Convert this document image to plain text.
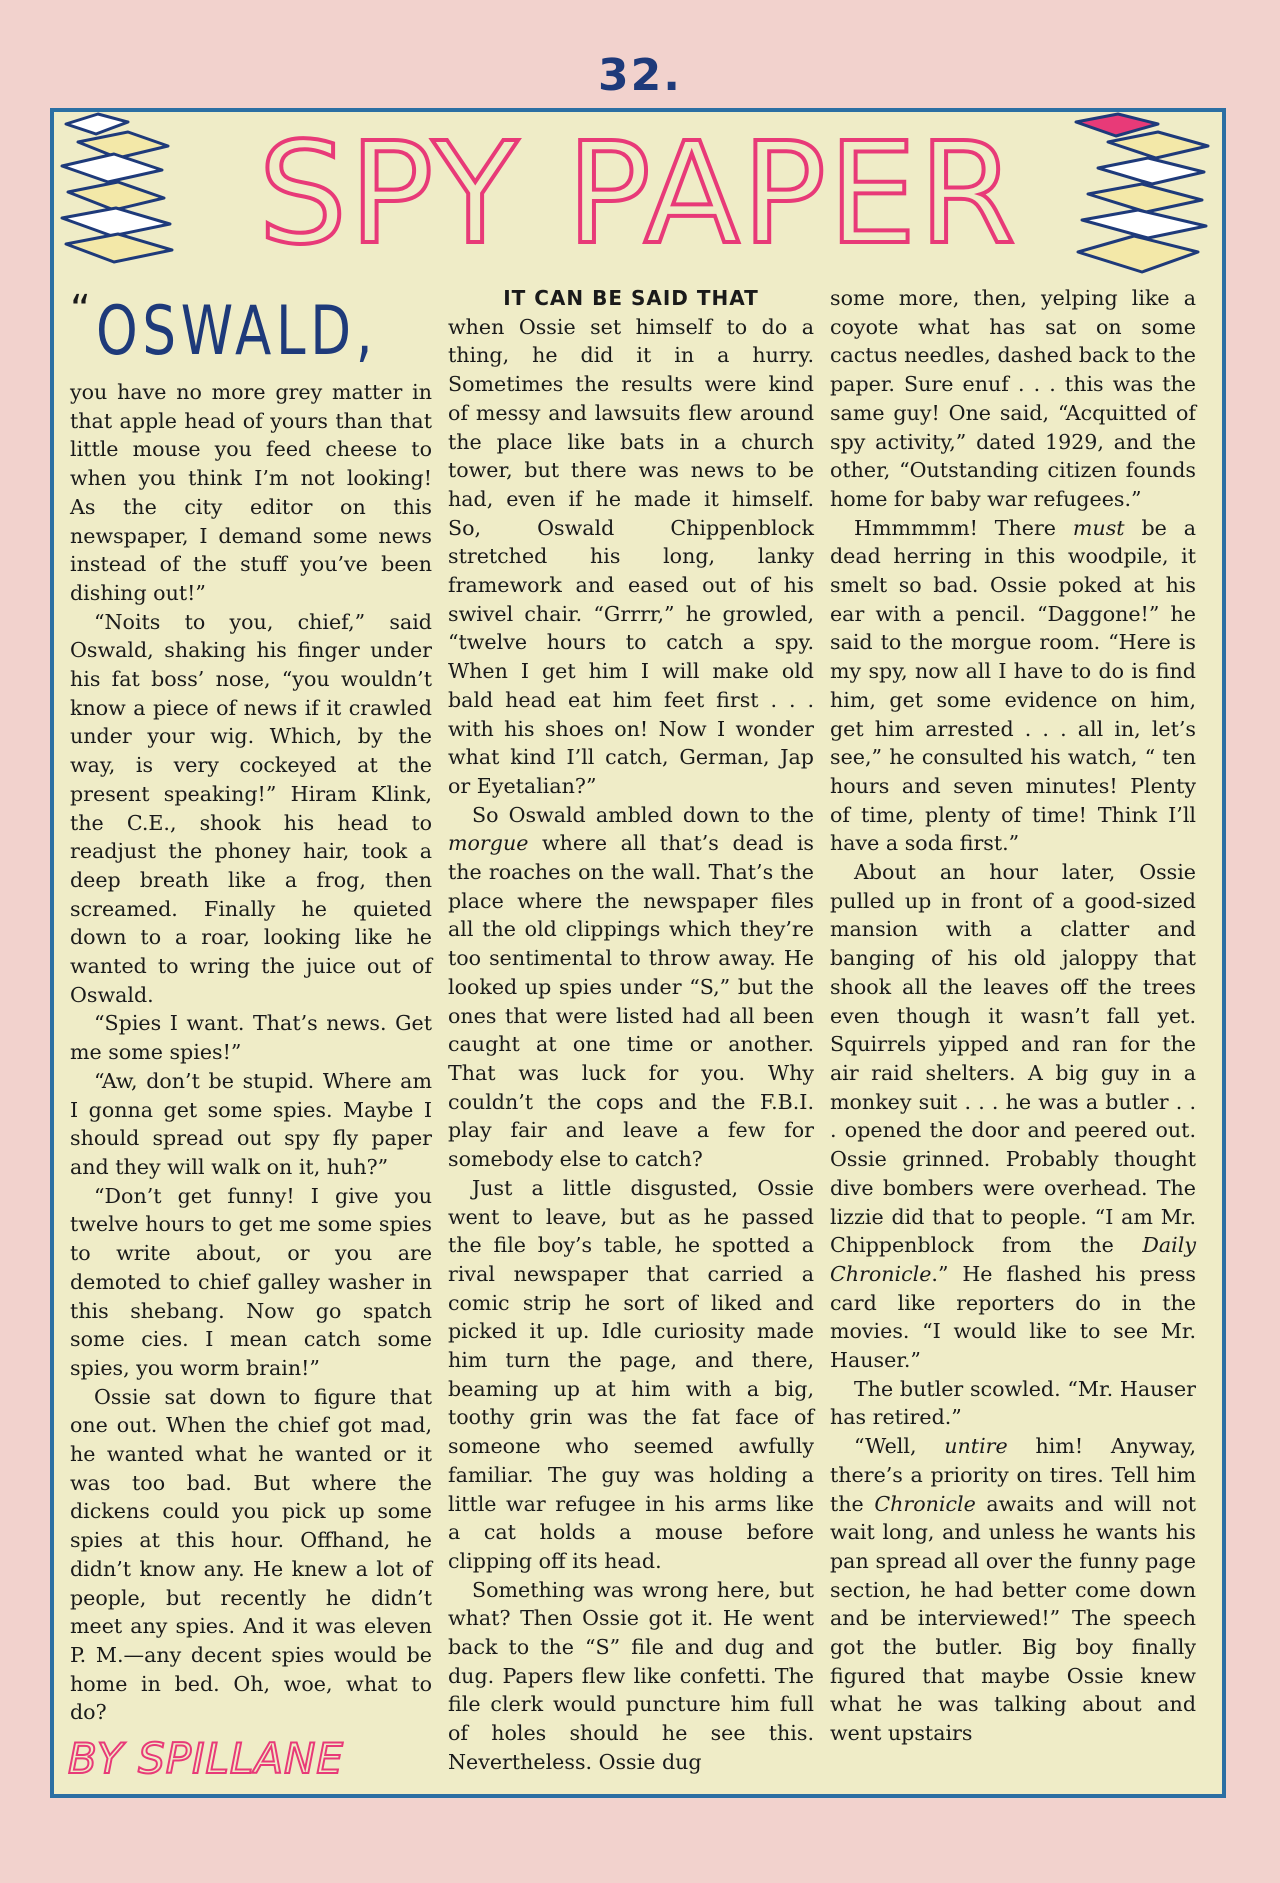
32.
SPY PAPER
“ OSWALD,

you have no more grey matter in that apple head of yours than that little mouse you feed cheese to when you think I’m not looking! As the city editor on this newspaper, I demand some news instead of the stuff you’ve been dishing out!”

“Noits to you, chief,” said Oswald, shaking his finger under his fat boss’ nose, “you wouldn’t know a piece of news if it crawled under your wig. Which, by the way, is very cockeyed at the present speaking!” Hiram Klink, the C.E., shook his head to readjust the phoney hair, took a deep breath like a frog, then screamed. Finally he quieted down to a roar, looking like he wanted to wring the juice out of Oswald.

“Spies I want. That’s news. Get me some spies!”

“Aw, don’t be stupid. Where am I gonna get some spies. Maybe I should spread out spy fly paper and they will walk on it, huh?”

“Don’t get funny! I give you twelve hours to get me some spies to write about, or you are demoted to chief galley washer in this shebang. Now go spatch some cies. I mean catch some spies, you worm brain!”

Ossie sat down to figure that one out. When the chief got mad, he wanted what he wanted or it was too bad. But where the dickens could you pick up some spies at this hour. Offhand, he didn’t know any. He knew a lot of people, but recently he didn’t meet any spies. And it was eleven P. M.—any decent spies would be home in bed. Oh, woe, what to do?

IT CAN BE SAID THAT
when Ossie set himself to do a thing, he did it in a hurry. Sometimes the results were kind of messy and lawsuits flew around the place like bats in a church tower, but there was news to be had, even if he made it himself. So, Oswald Chippenblock stretched his long, lanky framework and eased out of his swivel chair. “Grrrr,” he growled, “twelve hours to catch a spy. When I get him I will make old bald head eat him feet first . . . with his shoes on! Now I wonder what kind I’ll catch, German, Jap or Eyetalian?”

So Oswald ambled down to the morgue where all that’s dead is the roaches on the wall. That’s the place where the newspaper files all the old clippings which they’re too sentimental to throw away. He looked up spies under “S,” but the ones that were listed had all been caught at one time or another. That was luck for you. Why couldn’t the cops and the F.B.I. play fair and leave a few for somebody else to catch?

Just a little disgusted, Ossie went to leave, but as he passed the file boy’s table, he spotted a rival newspaper that carried a comic strip he sort of liked and picked it up. Idle curiosity made him turn the page, and there, beaming up at him with a big, toothy grin was the fat face of someone who seemed awfully familiar. The guy was holding a little war refugee in his arms like a cat holds a mouse before clipping off its head.

Something was wrong here, but what? Then Ossie got it. He went back to the “S” file and dug and dug. Papers flew like confetti. The file clerk would puncture him full of holes should he see this. Nevertheless. Ossie dug

some more, then, yelping like a coyote what has sat on some cactus needles, dashed back to the paper. Sure enuf . . . this was the same guy! One said, “Acquitted of spy activity,” dated 1929, and the other, “Outstanding citizen founds home for baby war refugees.”

Hmmmmm! There must be a dead herring in this woodpile, it smelt so bad. Ossie poked at his ear with a pencil. “Daggone!” he said to the morgue room. “Here is my spy, now all I have to do is find him, get some evidence on him, get him arrested . . . all in, let’s see,” he consulted his watch, “ ten hours and seven minutes! Plenty of time, plenty of time! Think I’ll have a soda first.”

About an hour later, Ossie pulled up in front of a good-sized mansion with a clatter and banging of his old jaloppy that shook all the leaves off the trees even though it wasn’t fall yet. Squirrels yipped and ran for the air raid shelters. A big guy in a monkey suit . . . he was a butler . . . opened the door and peered out. Ossie grinned. Probably thought dive bombers were overhead. The lizzie did that to people. “I am Mr. Chippenblock from the Daily Chronicle.” He flashed his press card like reporters do in the movies. “I would like to see Mr. Hauser.”

The butler scowled. “Mr. Hauser has retired.”

“Well, untire him! Anyway, there’s a priority on tires. Tell him the Chronicle awaits and will not wait long, and unless he wants his pan spread all over the funny page section, he had better come down and be interviewed!” The speech got the butler. Big boy finally figured that maybe Ossie knew what he was talking about and went upstairs

BY SPILLANE
